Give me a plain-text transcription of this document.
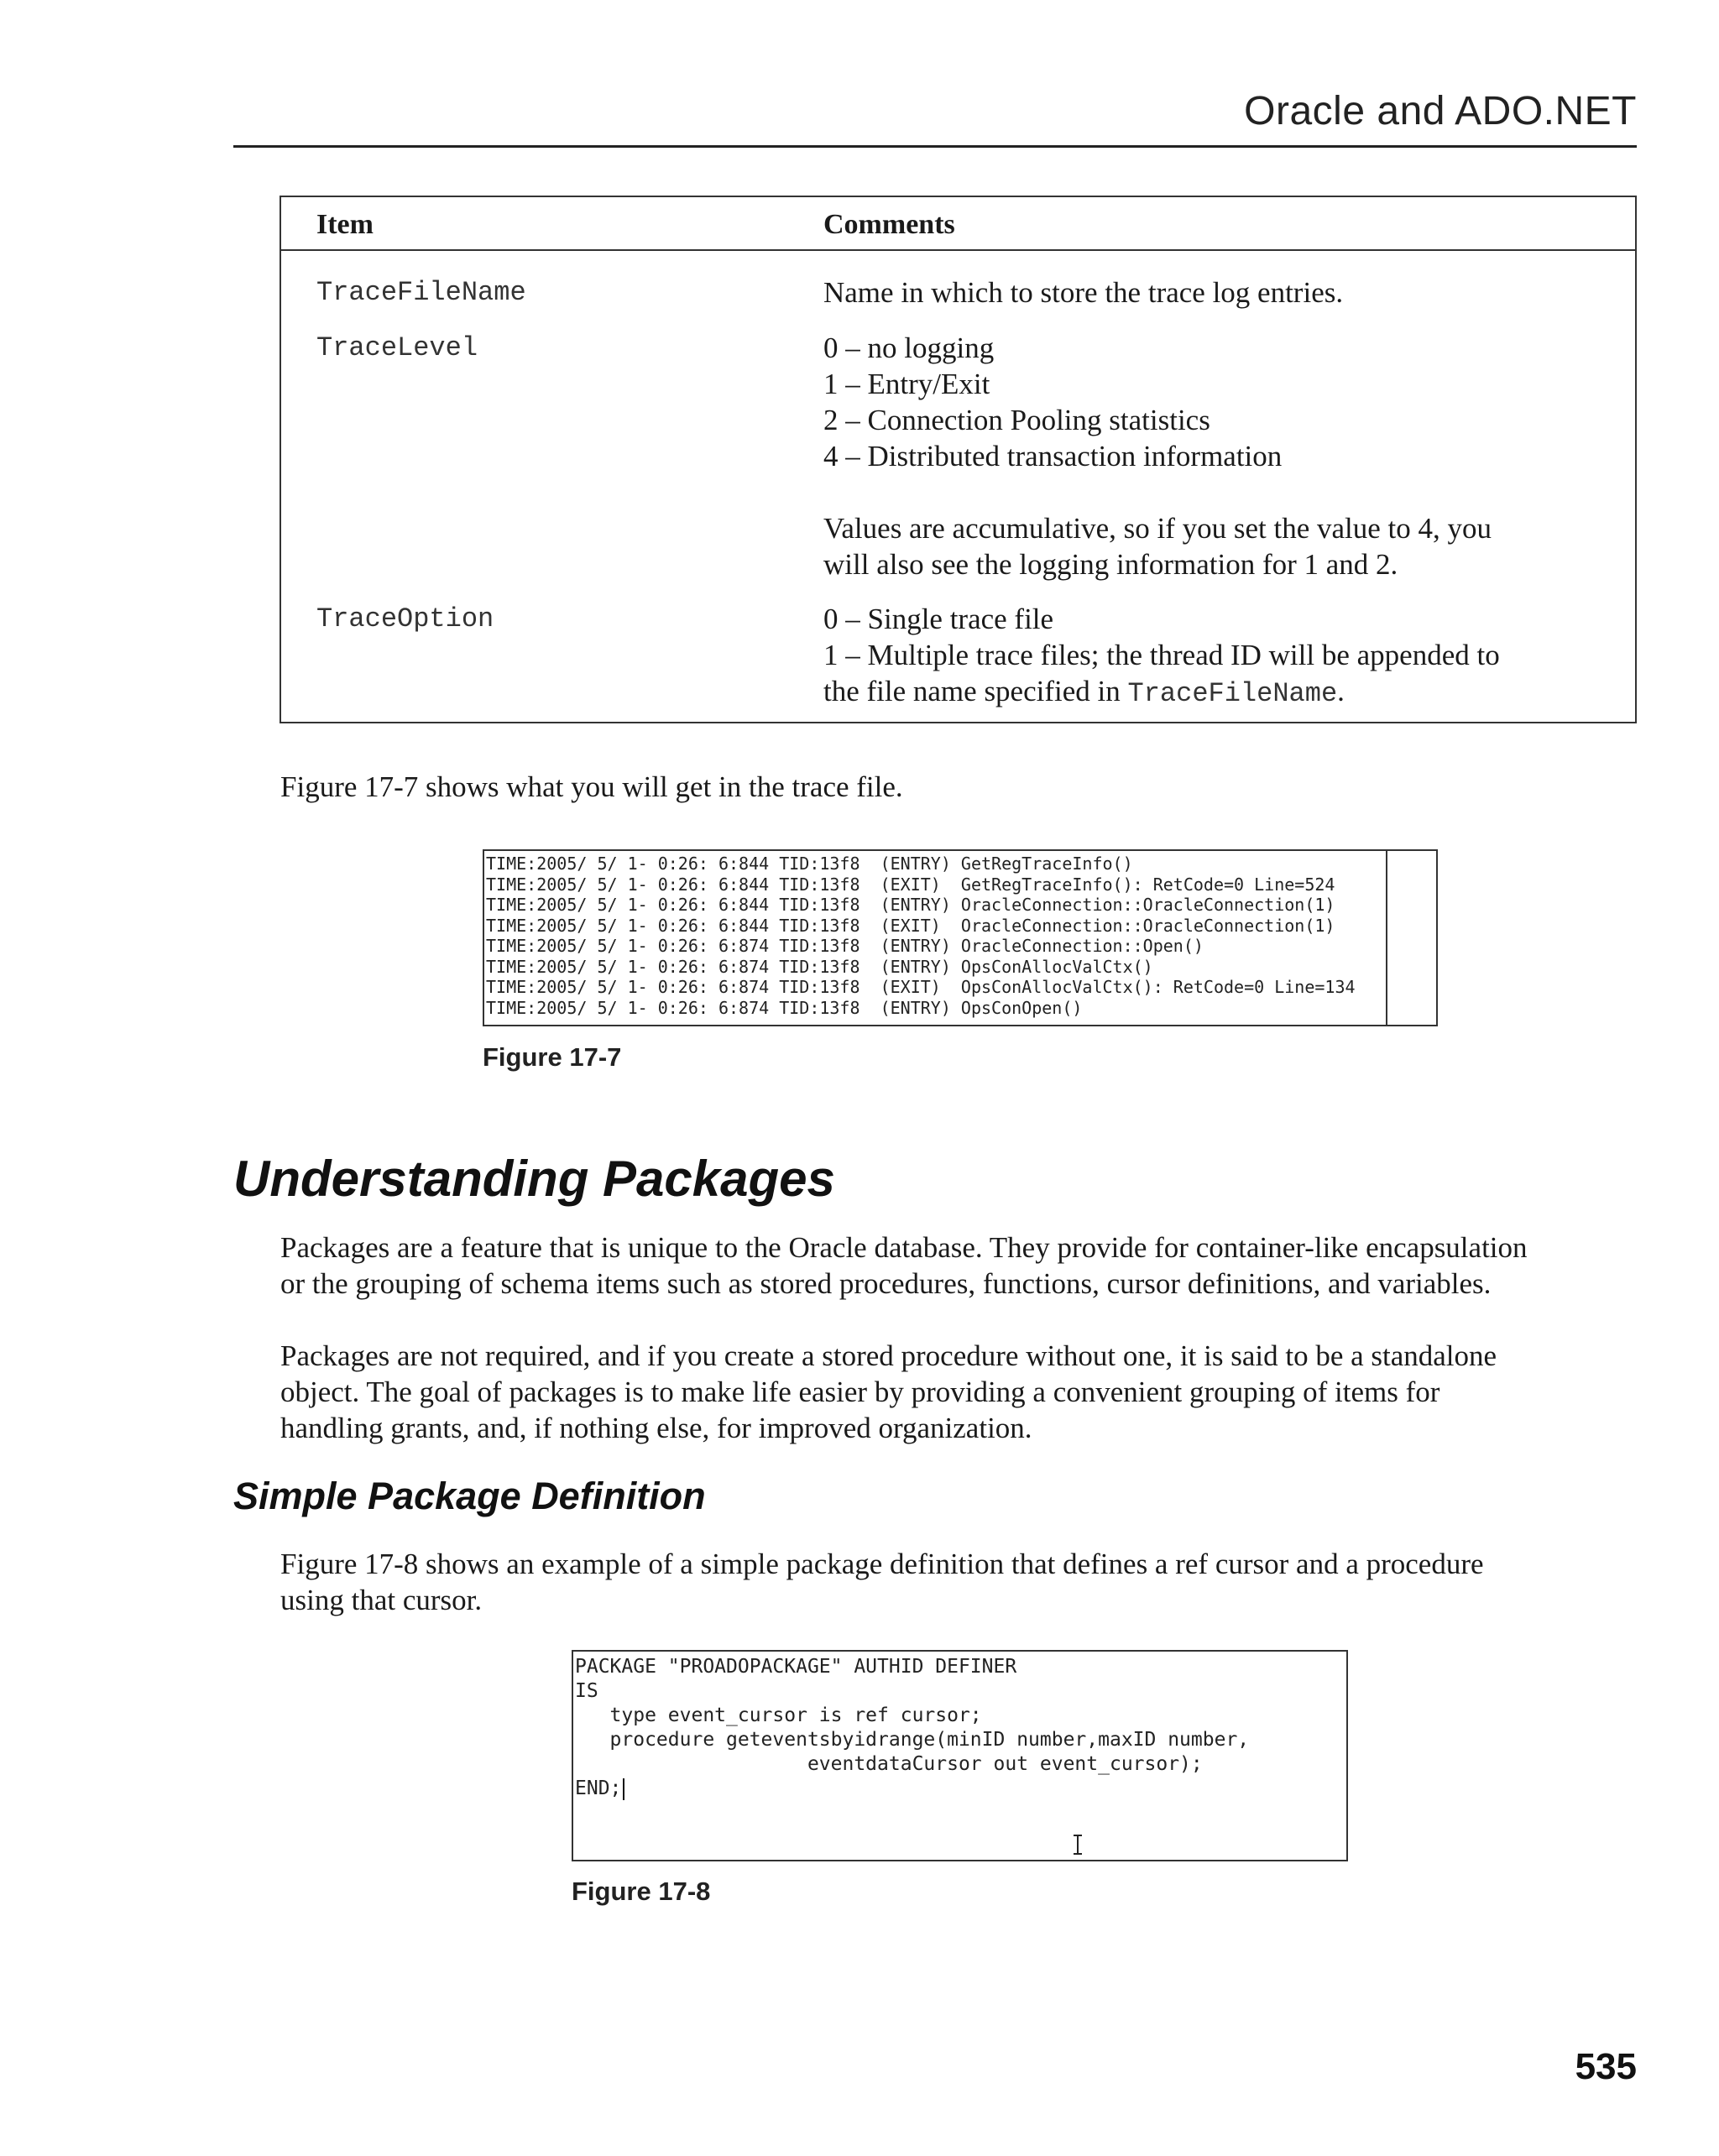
Oracle and ADO.NET
Item	Comments
TraceFileName	Name in which to store the trace log entries.
TraceLevel	0 – no logging
1 – Entry/Exit
2 – Connection Pooling statistics
4 – Distributed transaction information
Values are accumulative, so if you set the value to 4, you
will also see the logging information for 1 and 2.
TraceOption	0 – Single trace file
1 – Multiple trace files; the thread ID will be appended to
the file name specified in TraceFileName.
Figure 17-7 shows what you will get in the trace file.
TIME:2005/ 5/ 1- 0:26: 6:844 TID:13f8  (ENTRY) GetRegTraceInfo()
TIME:2005/ 5/ 1- 0:26: 6:844 TID:13f8  (EXIT)  GetRegTraceInfo(): RetCode=0 Line=524
TIME:2005/ 5/ 1- 0:26: 6:844 TID:13f8  (ENTRY) OracleConnection::OracleConnection(1)
TIME:2005/ 5/ 1- 0:26: 6:844 TID:13f8  (EXIT)  OracleConnection::OracleConnection(1)
TIME:2005/ 5/ 1- 0:26: 6:874 TID:13f8  (ENTRY) OracleConnection::Open()
TIME:2005/ 5/ 1- 0:26: 6:874 TID:13f8  (ENTRY) OpsConAllocValCtx()
TIME:2005/ 5/ 1- 0:26: 6:874 TID:13f8  (EXIT)  OpsConAllocValCtx(): RetCode=0 Line=134
TIME:2005/ 5/ 1- 0:26: 6:874 TID:13f8  (ENTRY) OpsConOpen()
Figure 17-7
Understanding Packages
Packages are a feature that is unique to the Oracle database. They provide for container-like encapsulation
or the grouping of schema items such as stored procedures, functions, cursor definitions, and variables.
Packages are not required, and if you create a stored procedure without one, it is said to be a standalone
object. The goal of packages is to make life easier by providing a convenient grouping of items for
handling grants, and, if nothing else, for improved organization.
Simple Package Definition
Figure 17-8 shows an example of a simple package definition that defines a ref cursor and a procedure
using that cursor.
PACKAGE "PROADOPACKAGE" AUTHID DEFINER
IS
type event_cursor is ref cursor;
procedure geteventsbyidrange(minID number,maxID number,
eventdataCursor out event_cursor);
END;
Figure 17-8
535
